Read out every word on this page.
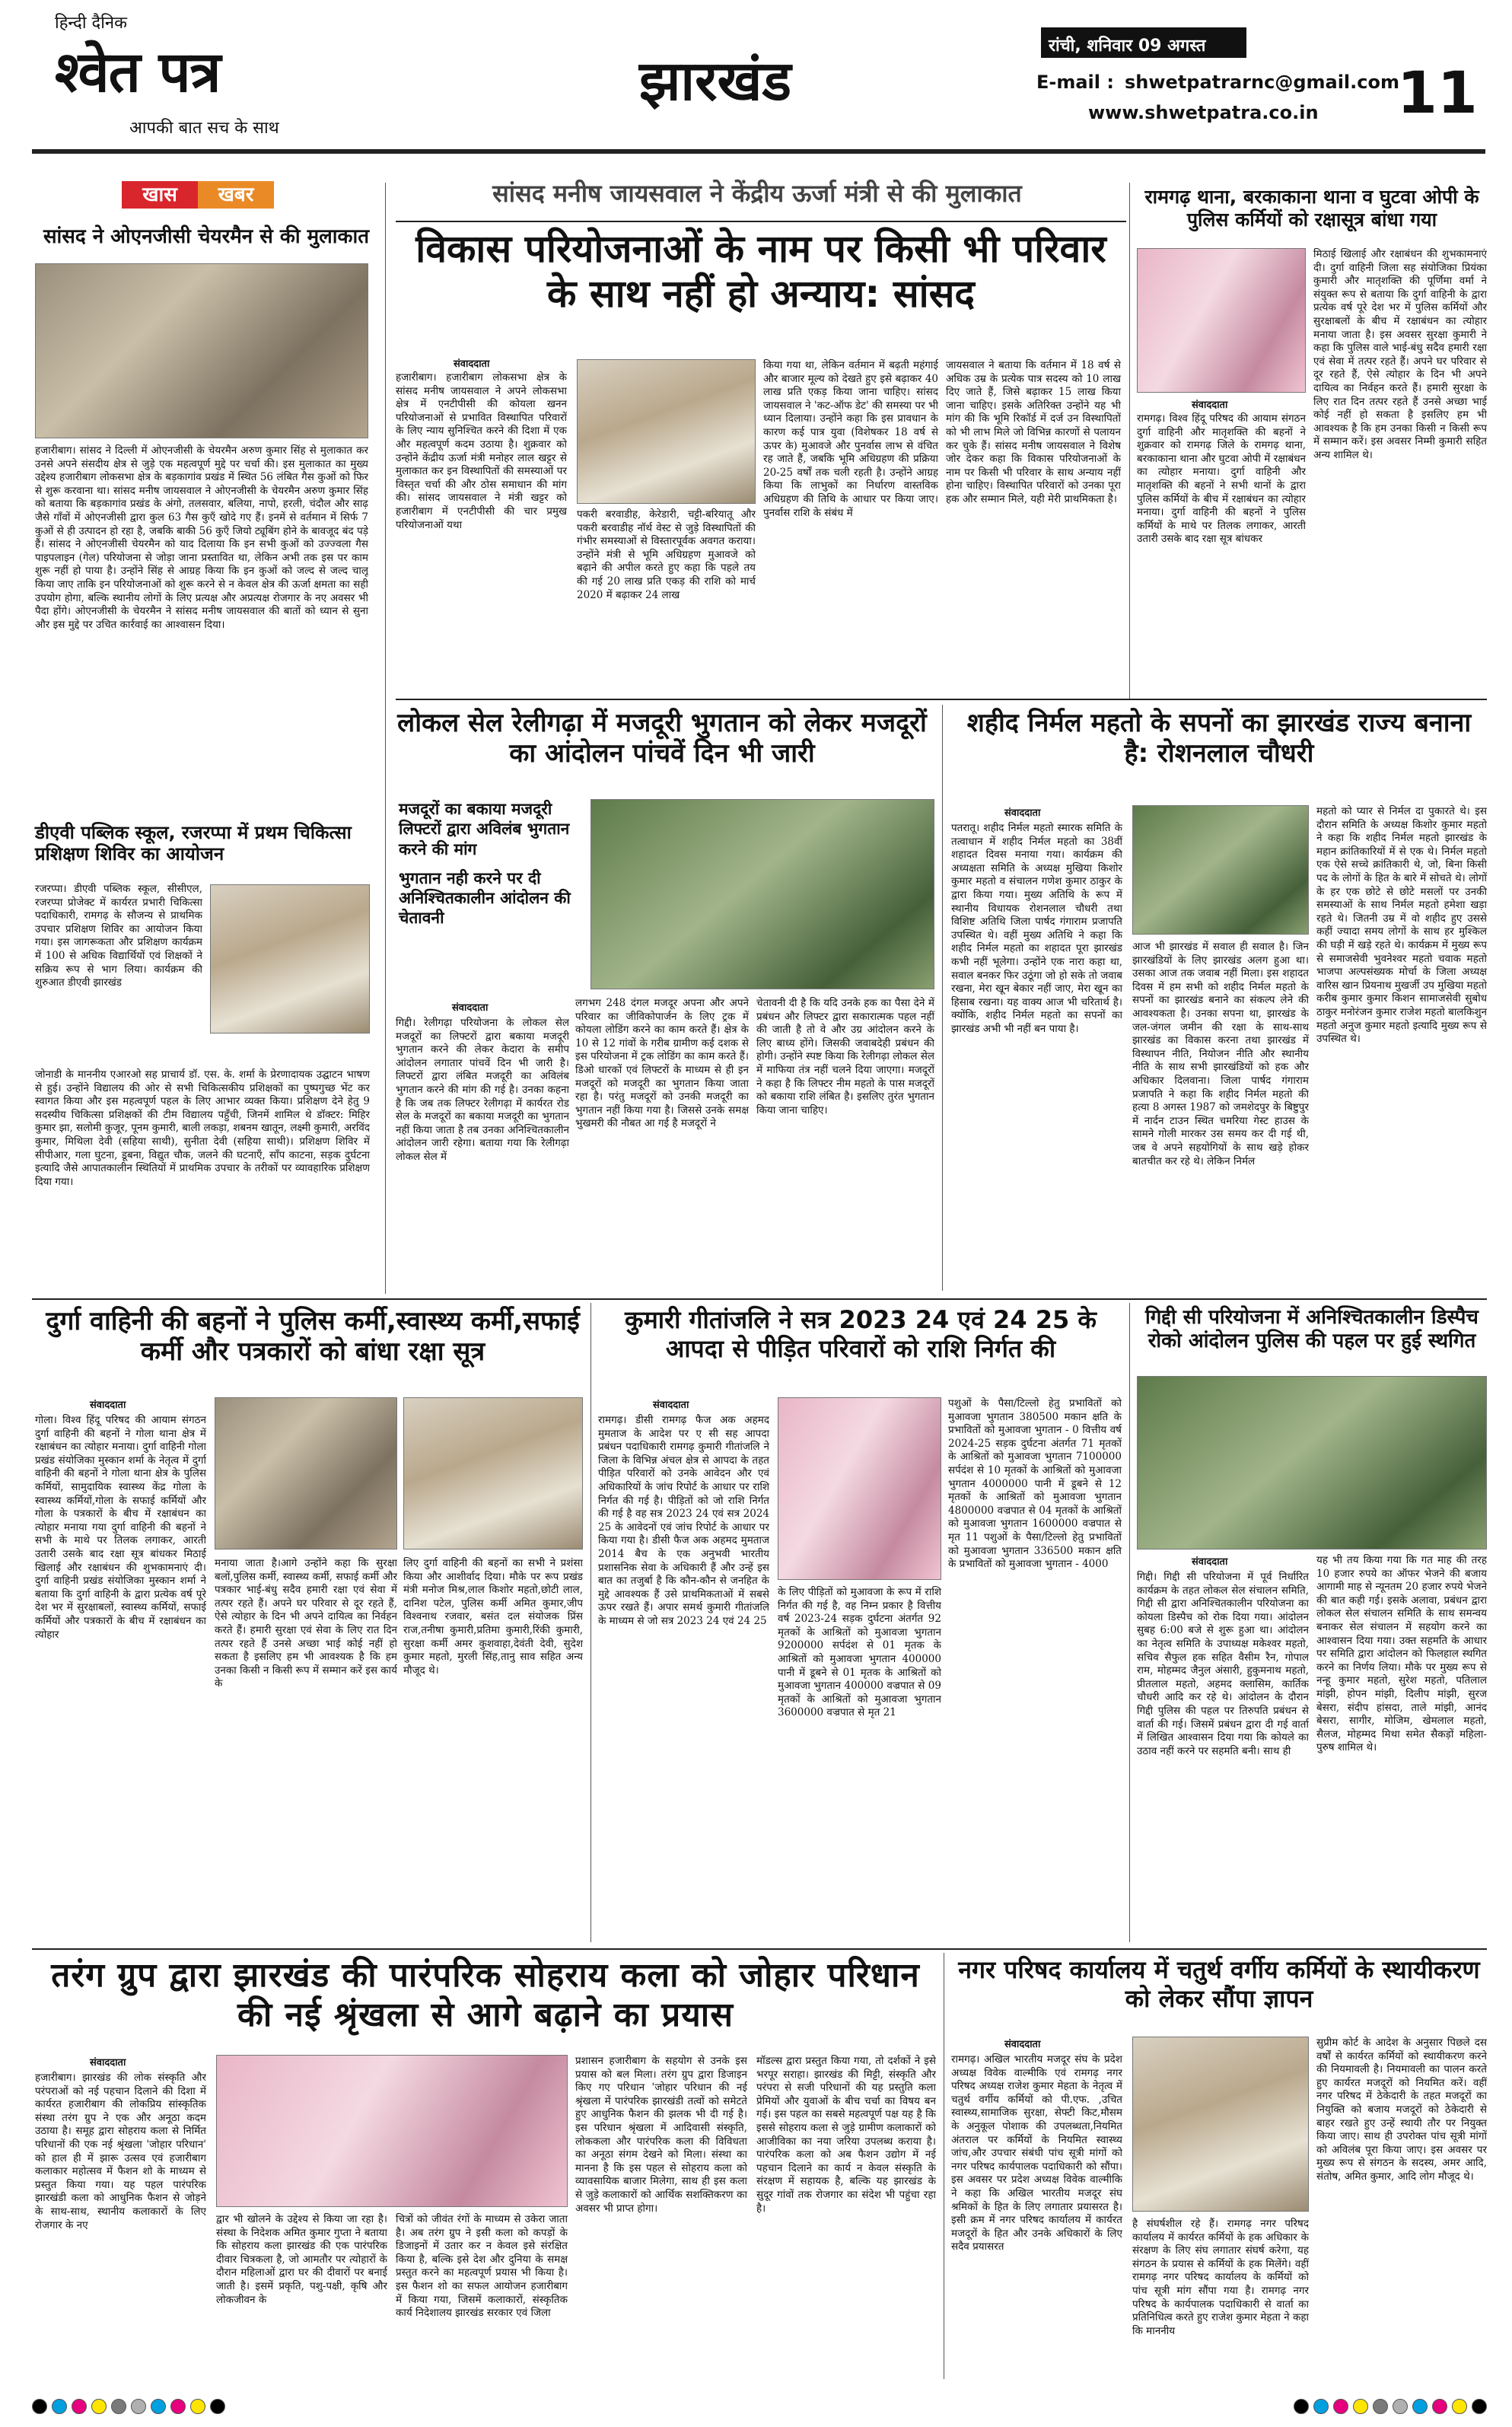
हिन्दी दैनिक
श्वेत पत्र
आपकी बात सच के साथ
झारखंड
रांची, शनिवार 09 अगस्त 2025
E-mail : shwetpatrarnc@gmail.com
www.shwetpatra.co.in 11
खास	खबर
सांसद ने ओएनजीसी चेयरमैन से की मुलाकात
हजारीबाग। सांसद ने दिल्ली में ओएनजीसी के चेयरमैन अरुण कुमार सिंह से मुलाकात कर उनसे अपने संसदीय क्षेत्र से जुड़े एक महत्वपूर्ण मुद्दे पर चर्चा की। इस मुलाकात का मुख्य उद्देश्य हजारीबाग लोकसभा क्षेत्र के बड़कागांव प्रखंड में स्थित 56 लंबित गैस कुओं को फिर से शुरू करवाना था। सांसद मनीष जायसवाल ने ओएनजीसी के चेयरमैन अरुण कुमार सिंह को बताया कि बड़कागांव प्रखंड के अंगो, तलसवार, बलिया, नापो, हरली, चंदौल और साढ़ जैसे गाँवों में ओएनजीसी द्वारा कुल 63 गैस कुएँ खोदे गए हैं। इनमें से वर्तमान में सिर्फ 7 कुओं से ही उत्पादन हो रहा है, जबकि बाकी 56 कुएँ जियो ट्यूबिंग होने के बावजूद बंद पड़े हैं। सांसद ने ओएनजीसी चेयरमैन को याद दिलाया कि इन सभी कुओं को उज्ज्वला गैस पाइपलाइन (गेल) परियोजना से जोड़ा जाना प्रस्तावित था, लेकिन अभी तक इस पर काम शुरू नहीं हो पाया है। उन्होंने सिंह से आग्रह किया कि इन कुओं को जल्द से जल्द चालू किया जाए ताकि इन परियोजनाओं को शुरू करने से न केवल क्षेत्र की ऊर्जा क्षमता का सही उपयोग होगा, बल्कि स्थानीय लोगों के लिए प्रत्यक्ष और अप्रत्यक्ष रोजगार के नए अवसर भी पैदा होंगे। ओएनजीसी के चेयरमैन ने सांसद मनीष जायसवाल की बातों को ध्यान से सुना और इस मुद्दे पर उचित कार्रवाई का आश्वासन दिया।
डीएवी पब्लिक स्कूल, रजरप्पा में प्रथम चिकित्सा प्रशिक्षण शिविर का आयोजन
रजरप्पा। डीएवी पब्लिक स्कूल, सीसीएल, रजरप्पा प्रोजेक्ट में कार्यरत प्रभारी चिकित्सा पदाधिकारी, रामगढ़ के सौजन्य से प्राथमिक उपचार प्रशिक्षण शिविर का आयोजन किया गया। इस जागरूकता और प्रशिक्षण कार्यक्रम में 100 से अधिक विद्यार्थियों एवं शिक्षकों ने सक्रिय रूप से भाग लिया। कार्यक्रम की शुरुआत डीएवी झारखंड
जोनाडी के माननीय एआरओ सह प्राचार्य डॉ. एस. के. शर्मा के प्रेरणादायक उद्घाटन भाषण से हुई। उन्होंने विद्यालय की ओर से सभी चिकित्सकीय प्रशिक्षकों का पुष्पगुच्छ भेंट कर स्वागत किया और इस महत्वपूर्ण पहल के लिए आभार व्यक्त किया। प्रशिक्षण देने हेतु 9 सदस्यीय चिकित्सा प्रशिक्षकों की टीम विद्यालय पहुँची, जिनमें शामिल थे डॉक्टर: मिहिर कुमार झा, सलोमी कुजूर, पूनम कुमारी, बाली लकड़ा, शबनम खातून, लक्ष्मी कुमारी, अरविंद कुमार, मिथिला देवी (सहिया साथी), सुनीता देवी (सहिया साथी)। प्रशिक्षण शिविर में सीपीआर, गला घुटना, डूबना, विद्युत चौक, जलने की घटनाएँ, साँप काटना, सड़क दुर्घटना इत्यादि जैसे आपातकालीन स्थितियों में प्राथमिक उपचार के तरीकों पर व्यावहारिक प्रशिक्षण दिया गया।
सांसद मनीष जायसवाल ने केंद्रीय ऊर्जा मंत्री से की मुलाकात
विकास परियोजनाओं के नाम पर किसी भी परिवार के साथ नहीं हो अन्याय: सांसद
संवाददाता
हजारीबाग। हजारीबाग लोकसभा क्षेत्र के सांसद मनीष जायसवाल ने अपने लोकसभा क्षेत्र में एनटीपीसी की कोयला खनन परियोजनाओं से प्रभावित विस्थापित परिवारों के लिए न्याय सुनिश्चित करने की दिशा में एक और महत्वपूर्ण कदम उठाया है। शुक्रवार को उन्होंने केंद्रीय ऊर्जा मंत्री मनोहर लाल खट्टर से मुलाकात कर इन विस्थापितों की समस्याओं पर विस्तृत चर्चा की और ठोस समाधान की मांग की। सांसद जायसवाल ने मंत्री खट्टर को हजारीबाग में एनटीपीसी की चार प्रमुख परियोजनाओं यथा
पकरी बरवाडीह, केरेडारी, चट्टी-बरियातू और पकरी बरवाडीह नॉर्थ वेस्ट से जुड़े विस्थापितों की गंभीर समस्याओं से विस्तारपूर्वक अवगत कराया। उन्होंने मंत्री से भूमि अधिग्रहण मुआवजे को बढ़ाने की अपील करते हुए कहा कि पहले तय की गई 20 लाख प्रति एकड़ की राशि को मार्च 2020 में बढ़ाकर 24 लाख
किया गया था, लेकिन वर्तमान में बढ़ती महंगाई और बाजार मूल्य को देखते हुए इसे बढ़ाकर 40 लाख प्रति एकड़ किया जाना चाहिए। सांसद जायसवाल ने 'कट-ऑफ डेट' की समस्या पर भी ध्यान दिलाया। उन्होंने कहा कि इस प्रावधान के कारण कई पात्र युवा (विशेषकर 18 वर्ष से ऊपर के) मुआवजे और पुनर्वास लाभ से वंचित रह जाते हैं, जबकि भूमि अधिग्रहण की प्रक्रिया 20-25 वर्षों तक चली रहती है। उन्होंने आग्रह किया कि लाभुकों का निर्धारण वास्तविक अधिग्रहण की तिथि के आधार पर किया जाए। पुनर्वास राशि के संबंध में
जायसवाल ने बताया कि वर्तमान में 18 वर्ष से अधिक उम्र के प्रत्येक पात्र सदस्य को 10 लाख दिए जाते हैं, जिसे बढ़ाकर 15 लाख किया जाना चाहिए। इसके अतिरिक्त उन्होंने यह भी मांग की कि भूमि रिकॉर्ड में दर्ज उन विस्थापितों को भी लाभ मिले जो विभिन्न कारणों से पलायन कर चुके हैं। सांसद मनीष जायसवाल ने विशेष जोर देकर कहा कि विकास परियोजनाओं के नाम पर किसी भी परिवार के साथ अन्याय नहीं होना चाहिए। विस्थापित परिवारों को उनका पूरा हक और सम्मान मिले, यही मेरी प्राथमिकता है।
रामगढ़ थाना, बरकाकाना थाना व घुटवा ओपी के पुलिस कर्मियों को रक्षासूत्र बांधा गया
संवाददाता
रामगढ़। विश्व हिंदू परिषद की आयाम संगठन दुर्गा वाहिनी और मातृशक्ति की बहनों ने शुक्रवार को रामगढ़ जिले के रामगढ़ थाना, बरकाकाना थाना और घुटवा ओपी में रक्षाबंधन का त्योहार मनाया। दुर्गा वाहिनी और मातृशक्ति की बहनों ने सभी थानों के द्वारा पुलिस कर्मियों के बीच में रक्षाबंधन का त्योहार मनाया। दुर्गा वाहिनी की बहनों ने पुलिस कर्मियों के माथे पर तिलक लगाकर, आरती उतारी उसके बाद रक्षा सूत्र बांधकर
मिठाई खिलाई और रक्षाबंधन की शुभकामनाएं दी। दुर्गा वाहिनी जिला सह संयोजिका प्रियंका कुमारी और मातृशक्ति की पूर्णिमा वर्मा ने संयुक्त रूप से बताया कि दुर्गा वाहिनी के द्वारा प्रत्येक वर्ष पूरे देश भर में पुलिस कर्मियों और सुरक्षाबलों के बीच में रक्षाबंधन का त्योहार मनाया जाता है। इस अवसर सुरक्षा कुमारी ने कहा कि पुलिस वाले भाई-बंधु सदैव हमारी रक्षा एवं सेवा में तत्पर रहते हैं। अपने घर परिवार से दूर रहते हैं, ऐसे त्योहार के दिन भी अपने दायित्व का निर्वहन करते हैं। हमारी सुरक्षा के लिए रात दिन तत्पर रहते हैं उनसे अच्छा भाई कोई नहीं हो सकता है इसलिए हम भी आवश्यक है कि हम उनका किसी न किसी रूप में सम्मान करें। इस अवसर निम्मी कुमारी सहित अन्य शामिल थे।
लोकल सेल रेलीगढ़ा में मजदूरी भुगतान को लेकर मजदूरों का आंदोलन पांचवें दिन भी जारी
मजदूरों का बकाया मजदूरी लिफ्टरों द्वारा अविलंब भुगतान करने की मांग
भुगतान नही करने पर दी अनिश्चितकालीन आंदोलन की चेतावनी
संवाददाता
गिद्दी। रेलीगढ़ा परियोजना के लोकल सेल मजदूरों का लिफ्टरों द्वारा बकाया मजदूरी भुगतान करने की लेकर केदारा के समीप आंदोलन लगातार पांचवें दिन भी जारी है। लिफ्टरों द्वारा लंबित मजदूरी का अविलंब भुगतान करने की मांग की गई है। उनका कहना है कि जब तक लिफ्टर रेलीगढ़ा में कार्यरत रोड सेल के मजदूरों का बकाया मजदूरी का भुगतान नहीं किया जाता है तब उनका अनिश्चितकालीन आंदोलन जारी रहेगा। बताया गया कि रेलीगढ़ा लोकल सेल में
लगभग 248 दंगल मजदूर अपना और अपने परिवार का जीविकोपार्जन के लिए ट्रक में कोयला लोडिंग करने का काम करते हैं। क्षेत्र के 10 से 12 गांवों के गरीब ग्रामीण कई दशक से इस परियोजना में ट्रक लोडिंग का काम करते हैं। डिओ धारकों एवं लिफ्टरों के माध्यम से ही इन मजदूरों को मजदूरी का भुगतान किया जाता रहा है। परंतु मजदूरों को उनकी मजदूरी का भुगतान नहीं किया गया है। जिससे उनके समक्ष भुखमरी की नौबत आ गई है मजदूरों ने
चेतावनी दी है कि यदि उनके हक का पैसा देने में प्रबंधन और लिफ्टर द्वारा सकारात्मक पहल नहीं की जाती है तो वे और उग्र आंदोलन करने के लिए बाध्य होंगे। जिसकी जवाबदेही प्रबंधन की होगी। उन्होंने स्पष्ट किया कि रेलीगढ़ा लोकल सेल में माफिया तंत्र नहीं चलने दिया जाएगा। मजदूरों ने कहा है कि लिफ्टर नीम महतो के पास मजदूरों को बकाया राशि लंबित है। इसलिए तुरंत भुगतान किया जाना चाहिए।
शहीद निर्मल महतो के सपनों का झारखंड राज्य बनाना है: रोशनलाल चौधरी
संवाददाता
पतरातू। शहीद निर्मल महतो स्मारक समिति के तत्वाधान में शहीद निर्मल महतो का 38वीं शहादत दिवस मनाया गया। कार्यक्रम की अध्यक्षता समिति के अध्यक्ष मुखिया किशोर कुमार महतो व संचालन गणेश कुमार ठाकुर के द्वारा किया गया। मुख्य अतिथि के रूप में स्थानीय विधायक रोशनलाल चौधरी तथा विशिष्ट अतिथि जिला पार्षद गंगाराम प्रजापति उपस्थित थे। वहीं मुख्य अतिथि ने कहा कि शहीद निर्मल महतो का शहादत पूरा झारखंड कभी नहीं भूलेगा। उन्होंने एक नारा कहा था, सवाल बनकर फिर उठूंगा जो हो सके तो जवाब रखना, मेरा खून बेकार नहीं जाए, मेरा खून का हिसाब रखना। यह वाक्य आज भी चरितार्थ है। क्योंकि, शहीद निर्मल महतो का सपनों का झारखंड अभी भी नहीं बन पाया है।
आज भी झारखंड में सवाल ही सवाल है। जिन झारखंडियों के लिए झारखंड अलग हुआ था। उसका आज तक जवाब नहीं मिला। इस शहादत दिवस में हम सभी को शहीद निर्मल महतो के सपनों का झारखंड बनाने का संकल्प लेने की आवश्यकता है। उनका सपना था, झारखंड के जल-जंगल जमीन की रक्षा के साथ-साथ झारखंड का विकास करना तथा झारखंड में विस्थापन नीति, नियोजन नीति और स्थानीय नीति के साथ सभी झारखंडियों को हक और अधिकार दिलवाना। जिला पार्षद गंगाराम प्रजापति ने कहा कि शहीद निर्मल महतो की हत्या 8 अगस्त 1987 को जमशेदपुर के बिष्टुपुर में नार्दन टाउन स्थित चमरिया गेस्ट हाउस के सामने गोली मारकर उस समय कर दी गई थी, जब वे अपने सहयोगियों के साथ खड़े होकर बातचीत कर रहे थे। लेकिन निर्मल
महतो को प्यार से निर्मल दा पुकारते थे। इस दौरान समिति के अध्यक्ष किशोर कुमार महतो ने कहा कि शहीद निर्मल महतो झारखंड के महान क्रांतिकारियों में से एक थे। निर्मल महतो एक ऐसे सच्चे क्रांतिकारी थे, जो, बिना किसी पद के लोगों के हित के बारे में सोचते थे। लोगों के हर एक छोटे से छोटे मसलों पर उनकी समस्याओं के साथ निर्मल महतो हमेशा खड़ा रहते थे। जितनी उम्र में वो शहीद हुए उससे कहीं ज्यादा समय लोगों के साथ हर मुश्किल की घड़ी में खड़े रहते थे। कार्यक्रम में मुख्य रूप से समाजसेवी भुवनेश्वर महतो चवाक महतो भाजपा अल्पसंख्यक मोर्चा के जिला अध्यक्ष वारिस खान प्रियनाथ मुखर्जी उप मुखिया महतो करीब कुमार कुमार किशन सामाजसेवी सुबोध ठाकुर मनोरंजन कुमार राजेश महतो बालकिशुन महतो अनुज कुमार महतो इत्यादि मुख्य रूप से उपस्थित थे।
दुर्गा वाहिनी की बहनों ने पुलिस कर्मी,स्वास्थ्य कर्मी,सफाई कर्मी और पत्रकारों को बांधा रक्षा सूत्र
संवाददाता
गोला। विश्व हिंदू परिषद की आयाम संगठन दुर्गा वाहिनी की बहनों ने गोला थाना क्षेत्र में रक्षाबंधन का त्योहार मनाया। दुर्गा वाहिनी गोला प्रखंड संयोजिका मुस्कान शर्मा के नेतृत्व में दुर्गा वाहिनी की बहनों ने गोला थाना क्षेत्र के पुलिस कर्मियों, सामुदायिक स्वास्थ्य केंद्र गोला के स्वास्थ्य कर्मियों,गोला के सफाई कर्मियों और गोला के पत्रकारों के बीच में रक्षाबंधन का त्योहार मनाया गया दुर्गा वाहिनी की बहनों ने सभी के माथे पर तिलक लगाकर, आरती उतारी उसके बाद रक्षा सूत्र बांधकर मिठाई खिलाई और रक्षाबंधन की शुभकामनाएं दी। दुर्गा वाहिनी प्रखंड संयोजिका मुस्कान शर्मा ने बताया कि दुर्गा वाहिनी के द्वारा प्रत्येक वर्ष पूरे देश भर में सुरक्षाबलों, स्वास्थ्य कर्मियों, सफाई कर्मियों और पत्रकारों के बीच में रक्षाबंधन का त्योहार
मनाया जाता है।आगे उन्होंने कहा कि सुरक्षा बलों,पुलिस कर्मी, स्वास्थ्य कर्मी, सफाई कर्मी और पत्रकार भाई-बंधु सदैव हमारी रक्षा एवं सेवा में तत्पर रहते हैं। अपने घर परिवार से दूर रहते हैं, ऐसे त्योहार के दिन भी अपने दायित्व का निर्वहन करते हैं। हमारी सुरक्षा एवं सेवा के लिए रात दिन तत्पर रहते हैं उनसे अच्छा भाई कोई नहीं हो सकता है इसलिए हम भी आवश्यक है कि हम उनका किसी न किसी रूप में सम्मान करें इस कार्य के
लिए दुर्गा वाहिनी की बहनों का सभी ने प्रशंसा किया और आशीर्वाद दिया। मौके पर रूप प्रखंड मंत्री मनोज मिश्र,लाल किशोर महतो,छोटी लाल, दानिश पटेल, पुलिस कर्मी अमित कुमार,जीप विश्वनाथ रजवार, बसंत दल संयोजक प्रिंस राज,तनीषा कुमारी,प्रतिमा कुमारी,रिंकी कुमारी, सुरक्षा कर्मी अमर कुशवाहा,देवंती देवी, सुदेश कुमार महतो, मुरली सिंह,तानु साव सहित अन्य मौजूद थे।
कुमारी गीतांजलि ने सत्र 2023 24 एवं 24 25 के आपदा से पीड़ित परिवारों को राशि निर्गत की
संवाददाता
रामगढ़। डीसी रामगढ़ फैज अक अहमद मुमताज के आदेश पर ए सी सह आपदा प्रबंधन पदाधिकारी रामगढ़ कुमारी गीतांजलि ने जिला के विभिन्न अंचल क्षेत्र से आपदा के तहत पीड़ित परिवारों को उनके आवेदन और एवं अधिकारियों के जांच रिपोर्ट के आधार पर राशि निर्गत की गई है। पीड़ितों को जो राशि निर्गत की गई है वह सत्र 2023 24 एवं सत्र 2024 25 के आवेदनों एवं जांच रिपोर्ट के आधार पर किया गया है। डीसी फैज अक अहमद मुमताज 2014 बैच के एक अनुभवी भारतीय प्रशासनिक सेवा के अधिकारी हैं और उन्हें इस बात का तजुर्बा है कि कौन-कौन से जनहित के मुद्दे आवश्यक हैं उसे प्राथमिकताओं में सबसे ऊपर रखते हैं। अपार समर्थ कुमारी गीतांजलि के माध्यम से जो सत्र 2023 24 एवं 24 25
के लिए पीड़ितों को मुआवजा के रूप में राशि निर्गत की गई है, वह निम्न प्रकार है वित्तीय वर्ष 2023-24 सड़क दुर्घटना अंतर्गत 92 मृतकों के आश्रितों को मुआवजा भुगतान 9200000 सर्पदंश से 01 मृतक के आश्रितों को मुआवजा भुगतान 400000 पानी में डूबने से 01 मृतक के आश्रितों को मुआवजा भुगतान 400000 वज्रपात से 09 मृतकों के आश्रितों को मुआवजा भुगतान 3600000 वज्रपात से मृत 21
पशुओं के पैसा/टिल्लो हेतु प्रभावितों को मुआवजा भुगतान 380500 मकान क्षति के प्रभावितों को मुआवजा भुगतान - 0 वित्तीय वर्ष 2024-25 सड़क दुर्घटना अंतर्गत 71 मृतकों के आश्रितों को मुआवजा भुगतान 7100000 सर्पदंश से 10 मृतकों के आश्रितों को मुआवजा भुगतान 4000000 पानी में डूबने से 12 मृतकों के आश्रितों को मुआवजा भुगतान 4800000 वज्रपात से 04 मृतकों के आश्रितों को मुआवजा भुगतान 1600000 वज्रपात से मृत 11 पशुओं के पैसा/टिल्लो हेतु प्रभावितों को मुआवजा भुगतान 336500 मकान क्षति के प्रभावितों को मुआवजा भुगतान - 4000
गिद्दी सी परियोजना में अनिश्चितकालीन डिस्पैच रोको आंदोलन पुलिस की पहल पर हुई स्थगित
संवाददाता
गिद्दी। गिद्दी सी परियोजना में पूर्व निर्धारित कार्यक्रम के तहत लोकल सेल संचालन समिति, गिद्दी सी द्वारा अनिश्चितकालीन परियोजना का कोयला डिस्पैच को रोक दिया गया। आंदोलन सुबह 6:00 बजे से शुरू हुआ था। आंदोलन का नेतृत्व समिति के उपाध्यक्ष मकेश्वर महतो, सचिव सैफुल हक सहित वैसीम रैन, गोपाल राम, मोहम्मद जैनुल अंसारी, हुकुमनाथ महतो, प्रीतलाल महतो, अहमद क्लासिम, कार्तिक चौधरी आदि कर रहे थे। आंदोलन के दौरान गिद्दी पुलिस की पहल पर तिरुपति प्रबंधन से वार्ता की गई। जिसमें प्रबंधन द्वारा दी गई वार्ता में लिखित आश्वासन दिया गया कि कोयले का उठाव नहीं करने पर सहमति बनी। साथ ही
यह भी तय किया गया कि गत माह की तरह 10 हजार रुपये का ऑफर भेजने की बजाय आगामी माह से न्यूनतम 20 हजार रुपये भेजने की बात कही गई। इसके अलावा, प्रबंधन द्वारा लोकल सेल संचालन समिति के साथ समन्वय बनाकर सेल संचालन में सहयोग करने का आश्वासन दिया गया। उक्त सहमति के आधार पर समिति द्वारा आंदोलन को फिलहाल स्थगित करने का निर्णय लिया। मौके पर मुख्य रूप से नन्हू कुमार महतो, सुरेश महतो, पतिलाल मांझी, होपन मांझी, दिलीप मांझी, सुरज बेसरा, संदीप हांसदा, ताले मांझी, आनंद बेसरा, सागीर, मोजिम, खेमलाल महतो, सैलज, मोहम्मद मिथा समेत सैकड़ों महिला-पुरुष शामिल थे।
तरंग ग्रुप द्वारा झारखंड की पारंपरिक सोहराय कला को जोहार परिधान की नई श्रृंखला से आगे बढ़ाने का प्रयास
संवाददाता
हजारीबाग। झारखंड की लोक संस्कृति और परंपराओं को नई पहचान दिलाने की दिशा में कार्यरत हजारीबाग की लोकप्रिय सांस्कृतिक संस्था तरंग ग्रुप ने एक और अनूठा कदम उठाया है। समूह द्वारा सोहराय कला से निर्मित परिधानों की एक नई श्रृंखला 'जोहार परिधान' को हाल ही में झारू उत्सव एवं हजारीबाग कलाकार महोत्सव में फैशन शो के माध्यम से प्रस्तुत किया गया। यह पहल पारंपरिक झारखंडी कला को आधुनिक फैशन से जोड़ने के साथ-साथ, स्थानीय कलाकारों के लिए रोजगार के नए	द्वार भी खोलने के उद्देश्य से किया जा रहा है। संस्था के निदेशक अमित कुमार गुप्ता ने बताया कि सोहराय कला झारखंड की एक पारंपरिक दीवार चित्रकला है, जो आमतौर पर त्योहारों के दौरान महिलाओं द्वारा घर की दीवारों पर बनाई जाती है। इसमें प्रकृति, पशु-पक्षी, कृषि और लोकजीवन के
चित्रों को जीवंत रंगों के माध्यम से उकेरा जाता है। अब तरंग ग्रुप ने इसी कला को कपड़ों के डिजाइनों में उतार कर न केवल इसे संरक्षित किया है, बल्कि इसे देश और दुनिया के समक्ष प्रस्तुत करने का महत्वपूर्ण प्रयास भी किया है। इस फैशन शो का सफल आयोजन हजारीबाग में किया गया, जिसमें कलाकारों, संस्कृतिक कार्य निदेशालय झारखंड सरकार एवं जिला
प्रशासन हजारीबाग के सहयोग से उनके इस प्रयास को बल मिला। तरंग ग्रुप द्वारा डिजाइन किए गए परिधान 'जोहार परिधान की नई श्रृंखला में पारंपरिक झारखंडी तत्वों को समेटते हुए आधुनिक फैशन की झलक भी दी गई है। इस परिधान श्रृंखला में आदिवासी संस्कृति, लोककला और पारंपरिक कला की विविधता का अनूठा संगम देखने को मिला। संस्था का मानना है कि इस पहल से सोहराय कला को व्यावसायिक बाजार मिलेगा, साथ ही इस कला से जुड़े कलाकारों को आर्थिक सशक्तिकरण का अवसर भी प्राप्त होगा।
मॉडल्स द्वारा प्रस्तुत किया गया, तो दर्शकों ने इसे भरपूर सराहा। झारखंड की मिट्टी, संस्कृति और परंपरा से सजी परिधानों की यह प्रस्तुति कला प्रेमियों और युवाओं के बीच चर्चा का विषय बन गई। इस पहल का सबसे महत्वपूर्ण पक्ष यह है कि इससे सोहराय कला से जुड़े ग्रामीण कलाकारों को आजीविका का नया जरिया उपलब्ध कराया है। पारंपरिक कला को अब फैशन उद्योग में नई पहचान दिलाने का कार्य न केवल संस्कृति के संरक्षण में सहायक है, बल्कि यह झारखंड के सुदूर गांवों तक रोजगार का संदेश भी पहुंचा रहा है।
नगर परिषद कार्यालय में चतुर्थ वर्गीय कर्मियों के स्थायीकरण को लेकर सौंपा ज्ञापन
संवाददाता
रामगढ़। अखिल भारतीय मजदूर संघ के प्रदेश अध्यक्ष विवेक वाल्मीकि एवं रामगढ़ नगर परिषद अध्यक्ष राजेश कुमार मेहता के नेतृत्व में चतुर्थ वर्गीय कर्मियों को पी.एफ. ,उचित स्वास्थ्य,सामाजिक सुरक्षा, सेफ्टी किट,मौसम के अनुकूल पोशाक की उपलब्धता,नियमित अंतराल पर कर्मियों के नियमित स्वास्थ्य जांच,और उपचार संबंधी पांच सूत्री मांगों को नगर परिषद कार्यपालक पदाधिकारी को सौंपा। इस अवसर पर प्रदेश अध्यक्ष विवेक वाल्मीकि ने कहा कि अखिल भारतीय मजदूर संघ श्रमिकों के हित के लिए लगातार प्रयासरत है। इसी क्रम में नगर परिषद कार्यालय में कार्यरत मजदूरों के हित और उनके अधिकारों के लिए सदैव प्रयासरत
है संघर्षशील रहे हैं। रामगढ़ नगर परिषद कार्यालय में कार्यरत कर्मियों के हक अधिकार के संरक्षण के लिए संघ लगातार संघर्ष करेगा, यह संगठन के प्रयास से कर्मियों के हक मिलेंगे। वहीं रामगढ़ नगर परिषद कार्यालय के कर्मियों को पांच सूत्री मांग सौंपा गया है। रामगढ़ नगर परिषद के कार्यपालक पदाधिकारी से वार्ता का प्रतिनिधित्व करते हुए राजेश कुमार मेहता ने कहा कि माननीय
सुप्रीम कोर्ट के आदेश के अनुसार पिछले दस वर्षों से कार्यरत कर्मियों को स्थायीकरण करने की नियमावली है। नियमावली का पालन करते हुए कार्यरत मजदूरों को नियमित करें। वहीं नगर परिषद में ठेकेदारी के तहत मजदूरों का नियुक्ति को बजाय मजदूरों को ठेकेदारी से बाहर रखते हुए उन्हें स्थायी तौर पर नियुक्त किया जाए। साथ ही उपरोक्त पांच सूत्री मांगों को अविलंब पूरा किया जाए। इस अवसर पर मुख्य रूप से संगठन के सदस्य, अमर आदि, संतोष, अमित कुमार, आदि लोग मौजूद थे।
